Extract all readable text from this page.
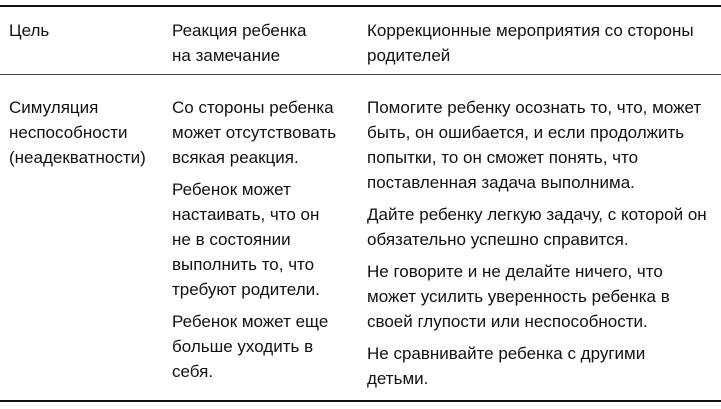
Цель	Реакция ребенка
на замечание
Коррекционные мероприятия со стороны
родителей

Симуляция
неспособности
(неадекватности)

Со стороны ребенка
может отсутствовать
всякая реакция.

Ребенок может
настаивать, что он
не в состоянии
выполнить то, что
требуют родители.

Ребенок может еще
больше уходить в
себя.

Помогите ребенку осознать то, что, может
быть, он ошибается, и если продолжить
попытки, то он сможет понять, что
поставленная задача выполнима.

Дайте ребенку легкую задачу, с которой он
обязательно успешно справится.

Не говорите и не делайте ничего, что
может усилить уверенность ребенка в
своей глупости или неспособности.

Не сравнивайте ребенка с другими
детьми.
